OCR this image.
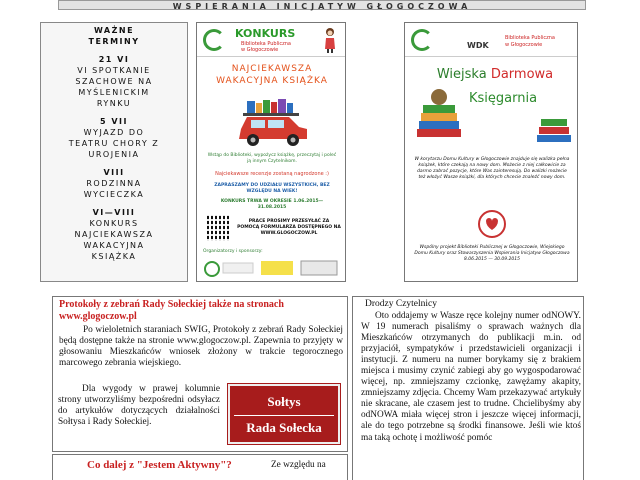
WSPIERANIA INICJATYW GŁOGOCZOWA
WAŻNE
TERMINY
21 VI
VI SPOTKANIE
SZACHOWE NA
MYŚLENICKIM
RYNKU
5 VII
WYJAZD DO
TEATRU CHORY Z
UROJENIA
VIII
RODZINNA
WYCIECZKA
VI—VIII
KONKURS
NAJCIEKAWSZA
WAKACYJNA
KSIĄŻKA
KONKURS
Biblioteka Publiczna
w Głogoczowie
NAJCIEKAWSZA
WAKACYJNA KSIĄŻKA
Wstąp do Biblioteki, wypożycz książkę, przeczytaj i poleć ją innym Czytelnikom.
Najciekawsze recenzje zostaną nagrodzone :)
ZAPRASZAMY DO UDZIAŁU WSZYSTKICH, BEZ WZGLĘDU NA WIEK!
KONKURS TRWA W OKRESIE 1.06.2015—31.08.2015
PRACE PROSIMY PRZESYŁAĆ ZA POMOCĄ FORMULARZA DOSTĘPNEGO NA WWW.GLOGOCZOW.PL
Organizatorzy i sponsorzy:
WDK
Biblioteka Publiczna
w Głogoczowie
Wiejska Darmowa
Księgarnia
W korytarzu Domu Kultury w Głogoczowie znajduje się walizka pełna książek, które czekają na nowy dom. Możecie z niej całkowicie za darmo zabrać pozycje, które Was zainteresują. Do walizki możecie też włożyć Wasze książki, dla których chcecie znaleźć nowy dom.
Wspólny projekt Biblioteki Publicznej w Głogoczowie, Wiejskiego Domu Kultury oraz Stowarzyszenia Wspierania Inicjatyw Głogoczowa 8.06.2015 — 30.09.2015
Protokoły z zebrań Rady Sołeckiej także na stronach www.glogoczow.pl
Po wieloletnich staraniach SWIG, Protokoły z zebrań Rady Sołeckiej będą dostępne także na stronie www.glogoczow.pl. Zapewnia to przyjęty w głosowaniu Mieszkańców wniosek złożony w trakcie tegorocznego marcowego zebrania wiejskiego.
Dla wygody w prawej kolumnie strony utworzyliśmy bezpośredni odsyłacz do artykułów dotyczących działalności Sołtysa i Rady Sołeckiej.
Sołtys
Rada Sołecka
Co dalej z "Jestem Aktywny"?	Ze względu na
Drodzy Czytelnicy
Oto oddajemy w Wasze ręce kolejny numer odNOWY. W 19 numerach pisaliśmy o sprawach ważnych dla Mieszkańców otrzymanych do publikacji m.in. od przyjaciół, sympatyków i przedstawicieli organizacji i instytucji. Z numeru na numer borykamy się z brakiem miejsca i musimy czynić zabiegi aby go wygospodarować więcej, np. zmniejszamy czcionkę, zawężamy akapity, zmniejszamy zdjęcia. Chcemy Wam przekazywać artykuły nie skracane, ale czasem jest to trudne. Chcielibyśmy aby odNOWA miała więcej stron i jeszcze więcej informacji, ale do tego potrzebne są środki finansowe. Jeśli wie ktoś ma taką ochotę i możliwość pomóc
